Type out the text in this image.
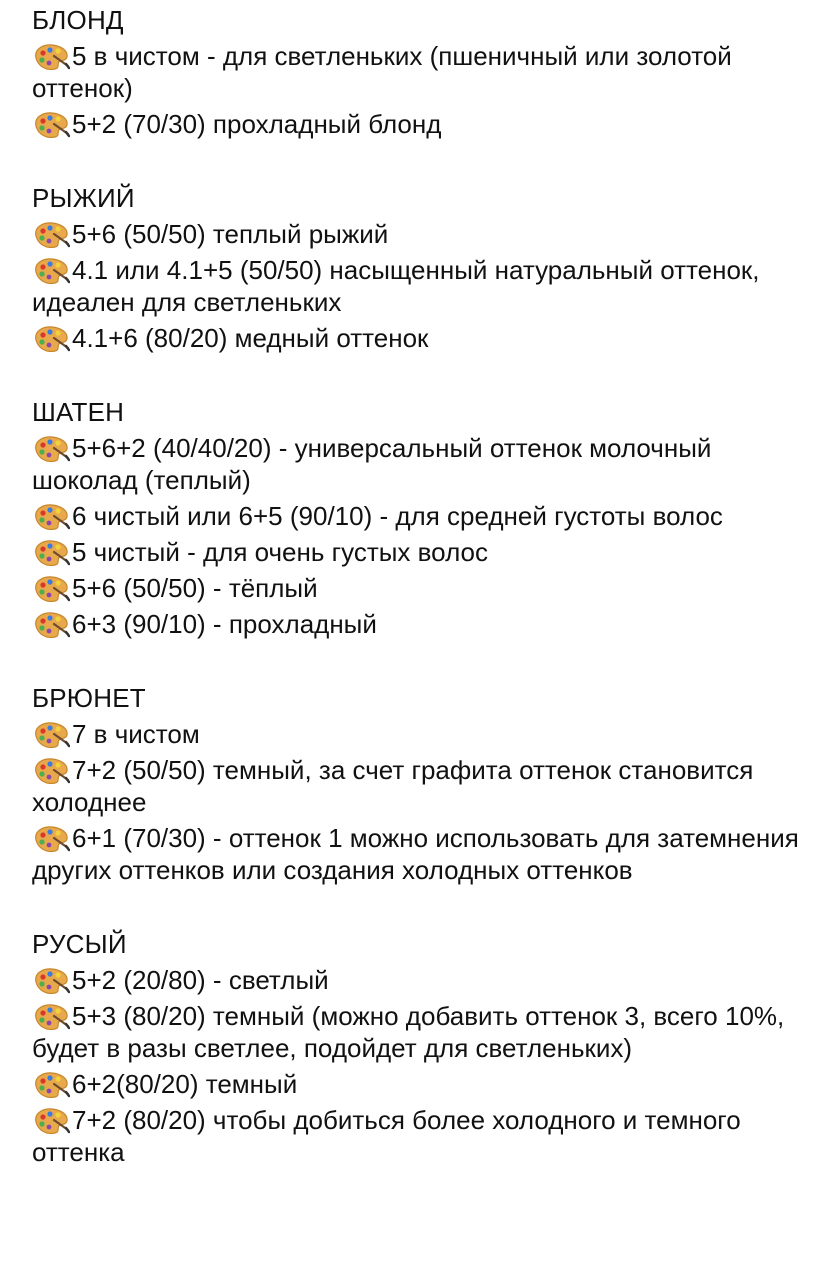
БЛОНД
5 в чистом - для светленьких (пшеничный или золотой оттенок)
5+2 (70/30) прохладный блонд
РЫЖИЙ
5+6 (50/50) теплый рыжий
4.1 или 4.1+5 (50/50) насыщенный натуральный оттенок, идеален для светленьких
4.1+6 (80/20) медный оттенок
ШАТЕН
5+6+2 (40/40/20) - универсальный оттенок молочный шоколад (теплый)
6 чистый или 6+5 (90/10) - для средней густоты волос
5 чистый - для очень густых волос
5+6 (50/50) - тёплый
6+3 (90/10) - прохладный
БРЮНЕТ
7 в чистом
7+2 (50/50) темный, за счет графита оттенок становится холоднее
6+1 (70/30) - оттенок 1 можно использовать для затемнения других оттенков или создания холодных оттенков
РУСЫЙ
5+2 (20/80) - светлый
5+3 (80/20) темный (можно добавить оттенок 3, всего 10%, будет в разы светлее, подойдет для светленьких)
6+2(80/20) темный
7+2 (80/20) чтобы добиться более холодного и темного оттенка
